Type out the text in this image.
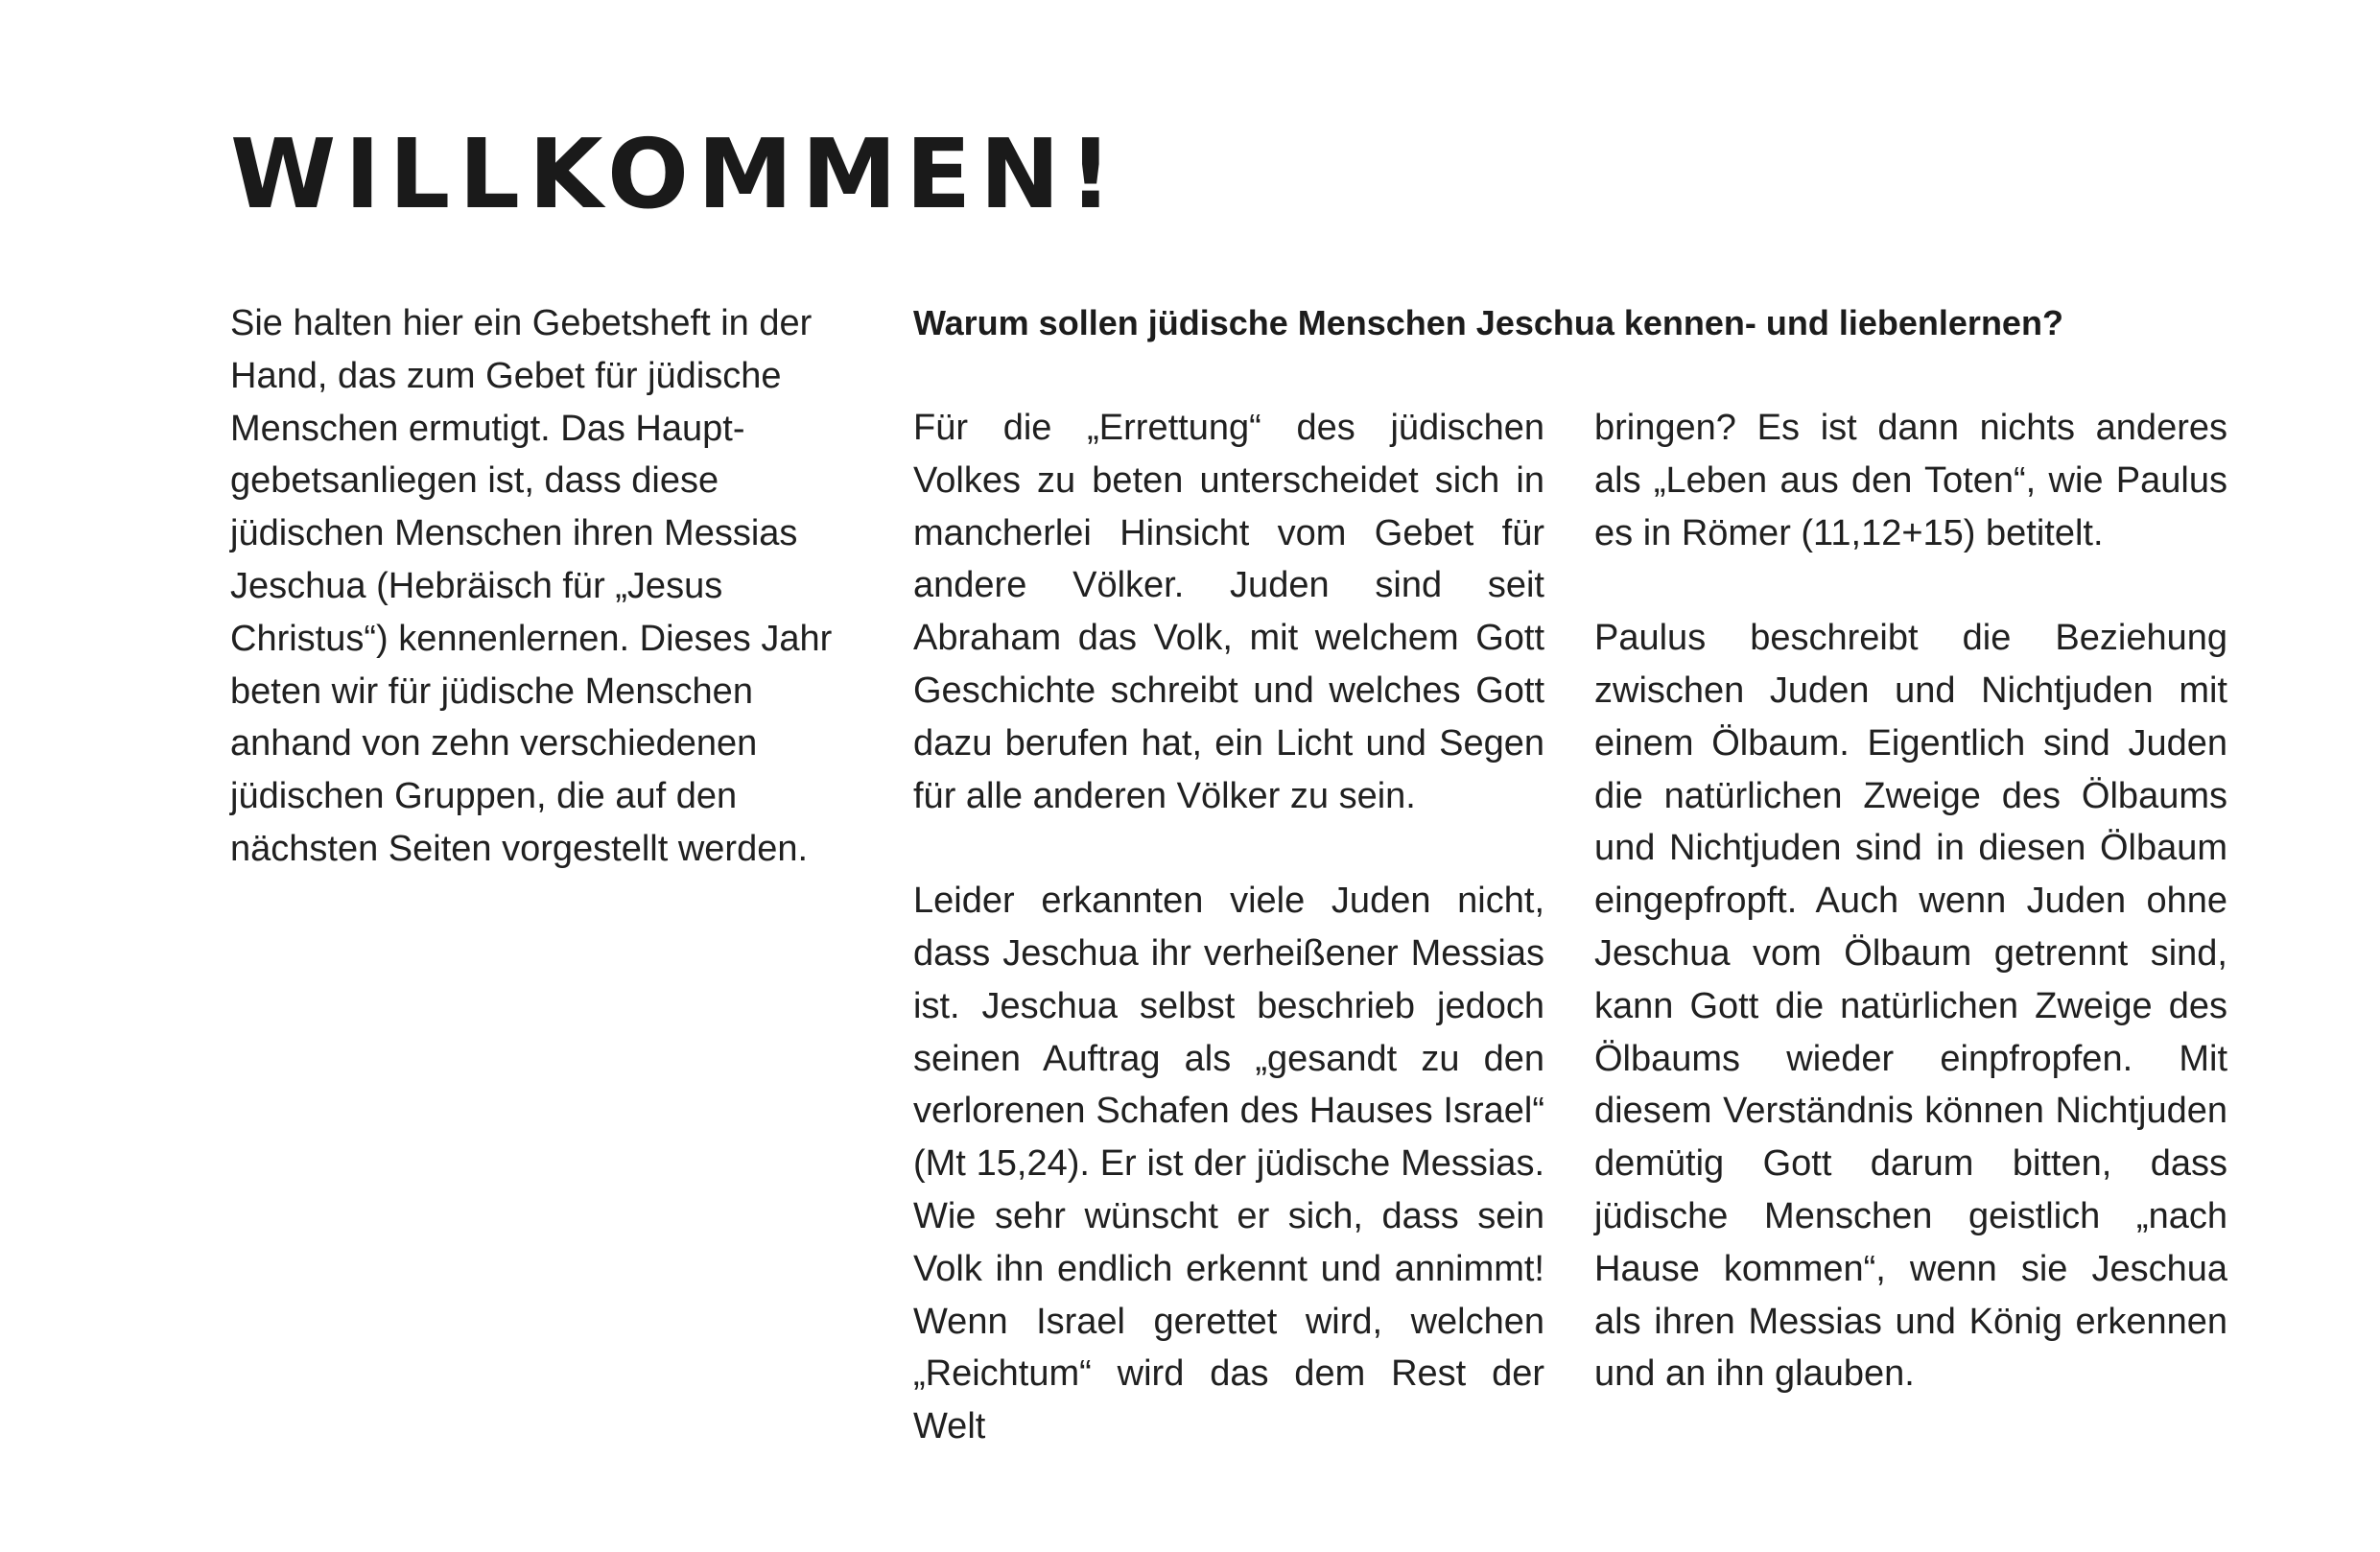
WILLKOMMEN!

Sie halten hier ein Gebetsheft in der Hand, das zum Gebet für jüdische Menschen ermutigt. Das Hauptgebetsanliegen ist, dass diese jüdischen Menschen ihren Messias Jeschua (Hebräisch für „Jesus Christus“) kennenlernen. Dieses Jahr beten wir für jüdische Menschen anhand von zehn verschiedenen jüdischen Gruppen, die auf den nächsten Seiten vorgestellt werden.

Warum sollen jüdische Menschen Jeschua kennen- und liebenlernen?

Für die „Errettung“ des jüdischen Volkes zu beten unterscheidet sich in mancherlei Hinsicht vom Gebet für andere Völker. Juden sind seit Abraham das Volk, mit welchem Gott Geschichte schreibt und welches Gott dazu berufen hat, ein Licht und Segen für alle anderen Völker zu sein.

Leider erkannten viele Juden nicht, dass Jeschua ihr verheißener Messias ist. Jeschua selbst beschrieb jedoch seinen Auftrag als „gesandt zu den verlorenen Schafen des Hauses Israel“ (Mt 15,24). Er ist der jüdische Messias. Wie sehr wünscht er sich, dass sein Volk ihn endlich erkennt und annimmt! Wenn Israel gerettet wird, welchen „Reichtum“ wird das dem Rest der Welt

bringen? Es ist dann nichts anderes als „Leben aus den Toten“, wie Paulus es in Römer (11,12+15) betitelt.

Paulus beschreibt die Beziehung zwischen Juden und Nichtjuden mit einem Ölbaum. Eigentlich sind Juden die natürlichen Zweige des Ölbaums und Nichtjuden sind in diesen Ölbaum eingepfropft. Auch wenn Juden ohne Jeschua vom Ölbaum getrennt sind, kann Gott die natürlichen Zweige des Ölbaums wieder einpfropfen. Mit diesem Verständnis können Nichtjuden demütig Gott darum bitten, dass jüdische Menschen geistlich „nach Hause kommen“, wenn sie Jeschua als ihren Messias und König erkennen und an ihn glauben.
